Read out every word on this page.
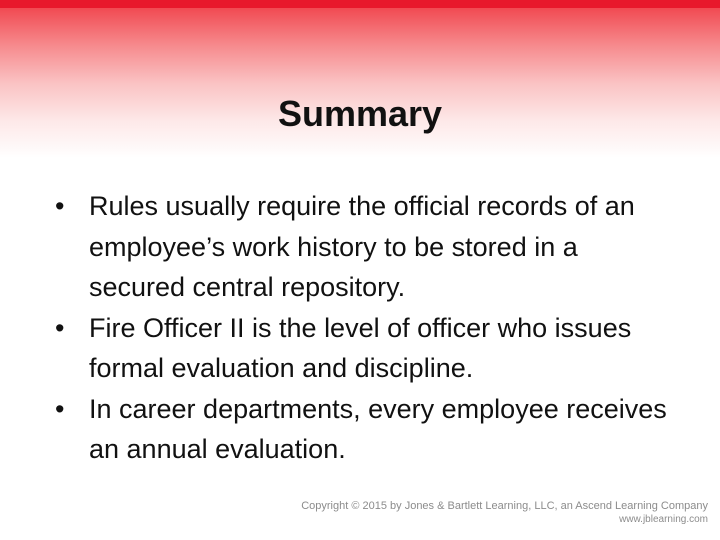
Summary
• Rules usually require the official records of an employee’s work history to be stored in a secured central repository.
• Fire Officer II is the level of officer who issues formal evaluation and discipline.
• In career departments, every employee receives an annual evaluation.
Copyright © 2015 by Jones & Bartlett Learning, LLC, an Ascend Learning Company
www.jblearning.com
